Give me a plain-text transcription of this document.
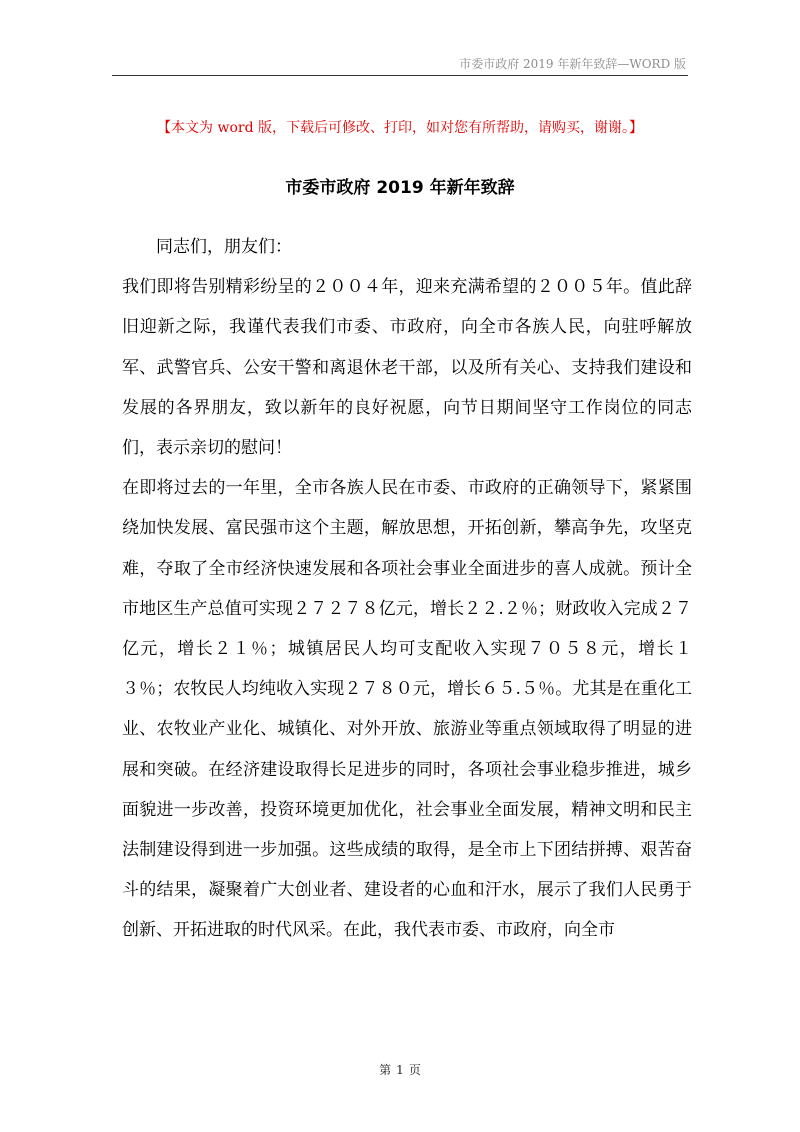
市委市政府 2019 年新年致辞—WORD 版
【本文为 word 版，下载后可修改、打印，如对您有所帮助，请购买，谢谢。】
市委市政府 2019 年新年致辞

同志们，朋友们：

我们即将告别精彩纷呈的２００４年，迎来充满希望的２００５年。值此辞旧迎新之际，我谨代表我们市委、市政府，向全市各族人民，向驻呼解放军、武警官兵、公安干警和离退休老干部，以及所有关心、支持我们建设和发展的各界朋友，致以新年的良好祝愿，向节日期间坚守工作岗位的同志们，表示亲切的慰问！

在即将过去的一年里，全市各族人民在市委、市政府的正确领导下，紧紧围绕加快发展、富民强市这个主题，解放思想，开拓创新，攀高争先，攻坚克难，夺取了全市经济快速发展和各项社会事业全面进步的喜人成就。预计全市地区生产总值可实现２７２７８亿元，增长２２.２％；财政收入完成２７亿元，增长２１％；城镇居民人均可支配收入实现７０５８元，增长１３％；农牧民人均纯收入实现２７８０元，增长６５.５％。尤其是在重化工业、农牧业产业化、城镇化、对外开放、旅游业等重点领域取得了明显的进展和突破。在经济建设取得长足进步的同时，各项社会事业稳步推进，城乡面貌进一步改善，投资环境更加优化，社会事业全面发展，精神文明和民主法制建设得到进一步加强。这些成绩的取得，是全市上下团结拼搏、艰苦奋斗的结果，凝聚着广大创业者、建设者的心血和汗水，展示了我们人民勇于创新、开拓进取的时代风采。在此，我代表市委、市政府，向全市

第 1 页
